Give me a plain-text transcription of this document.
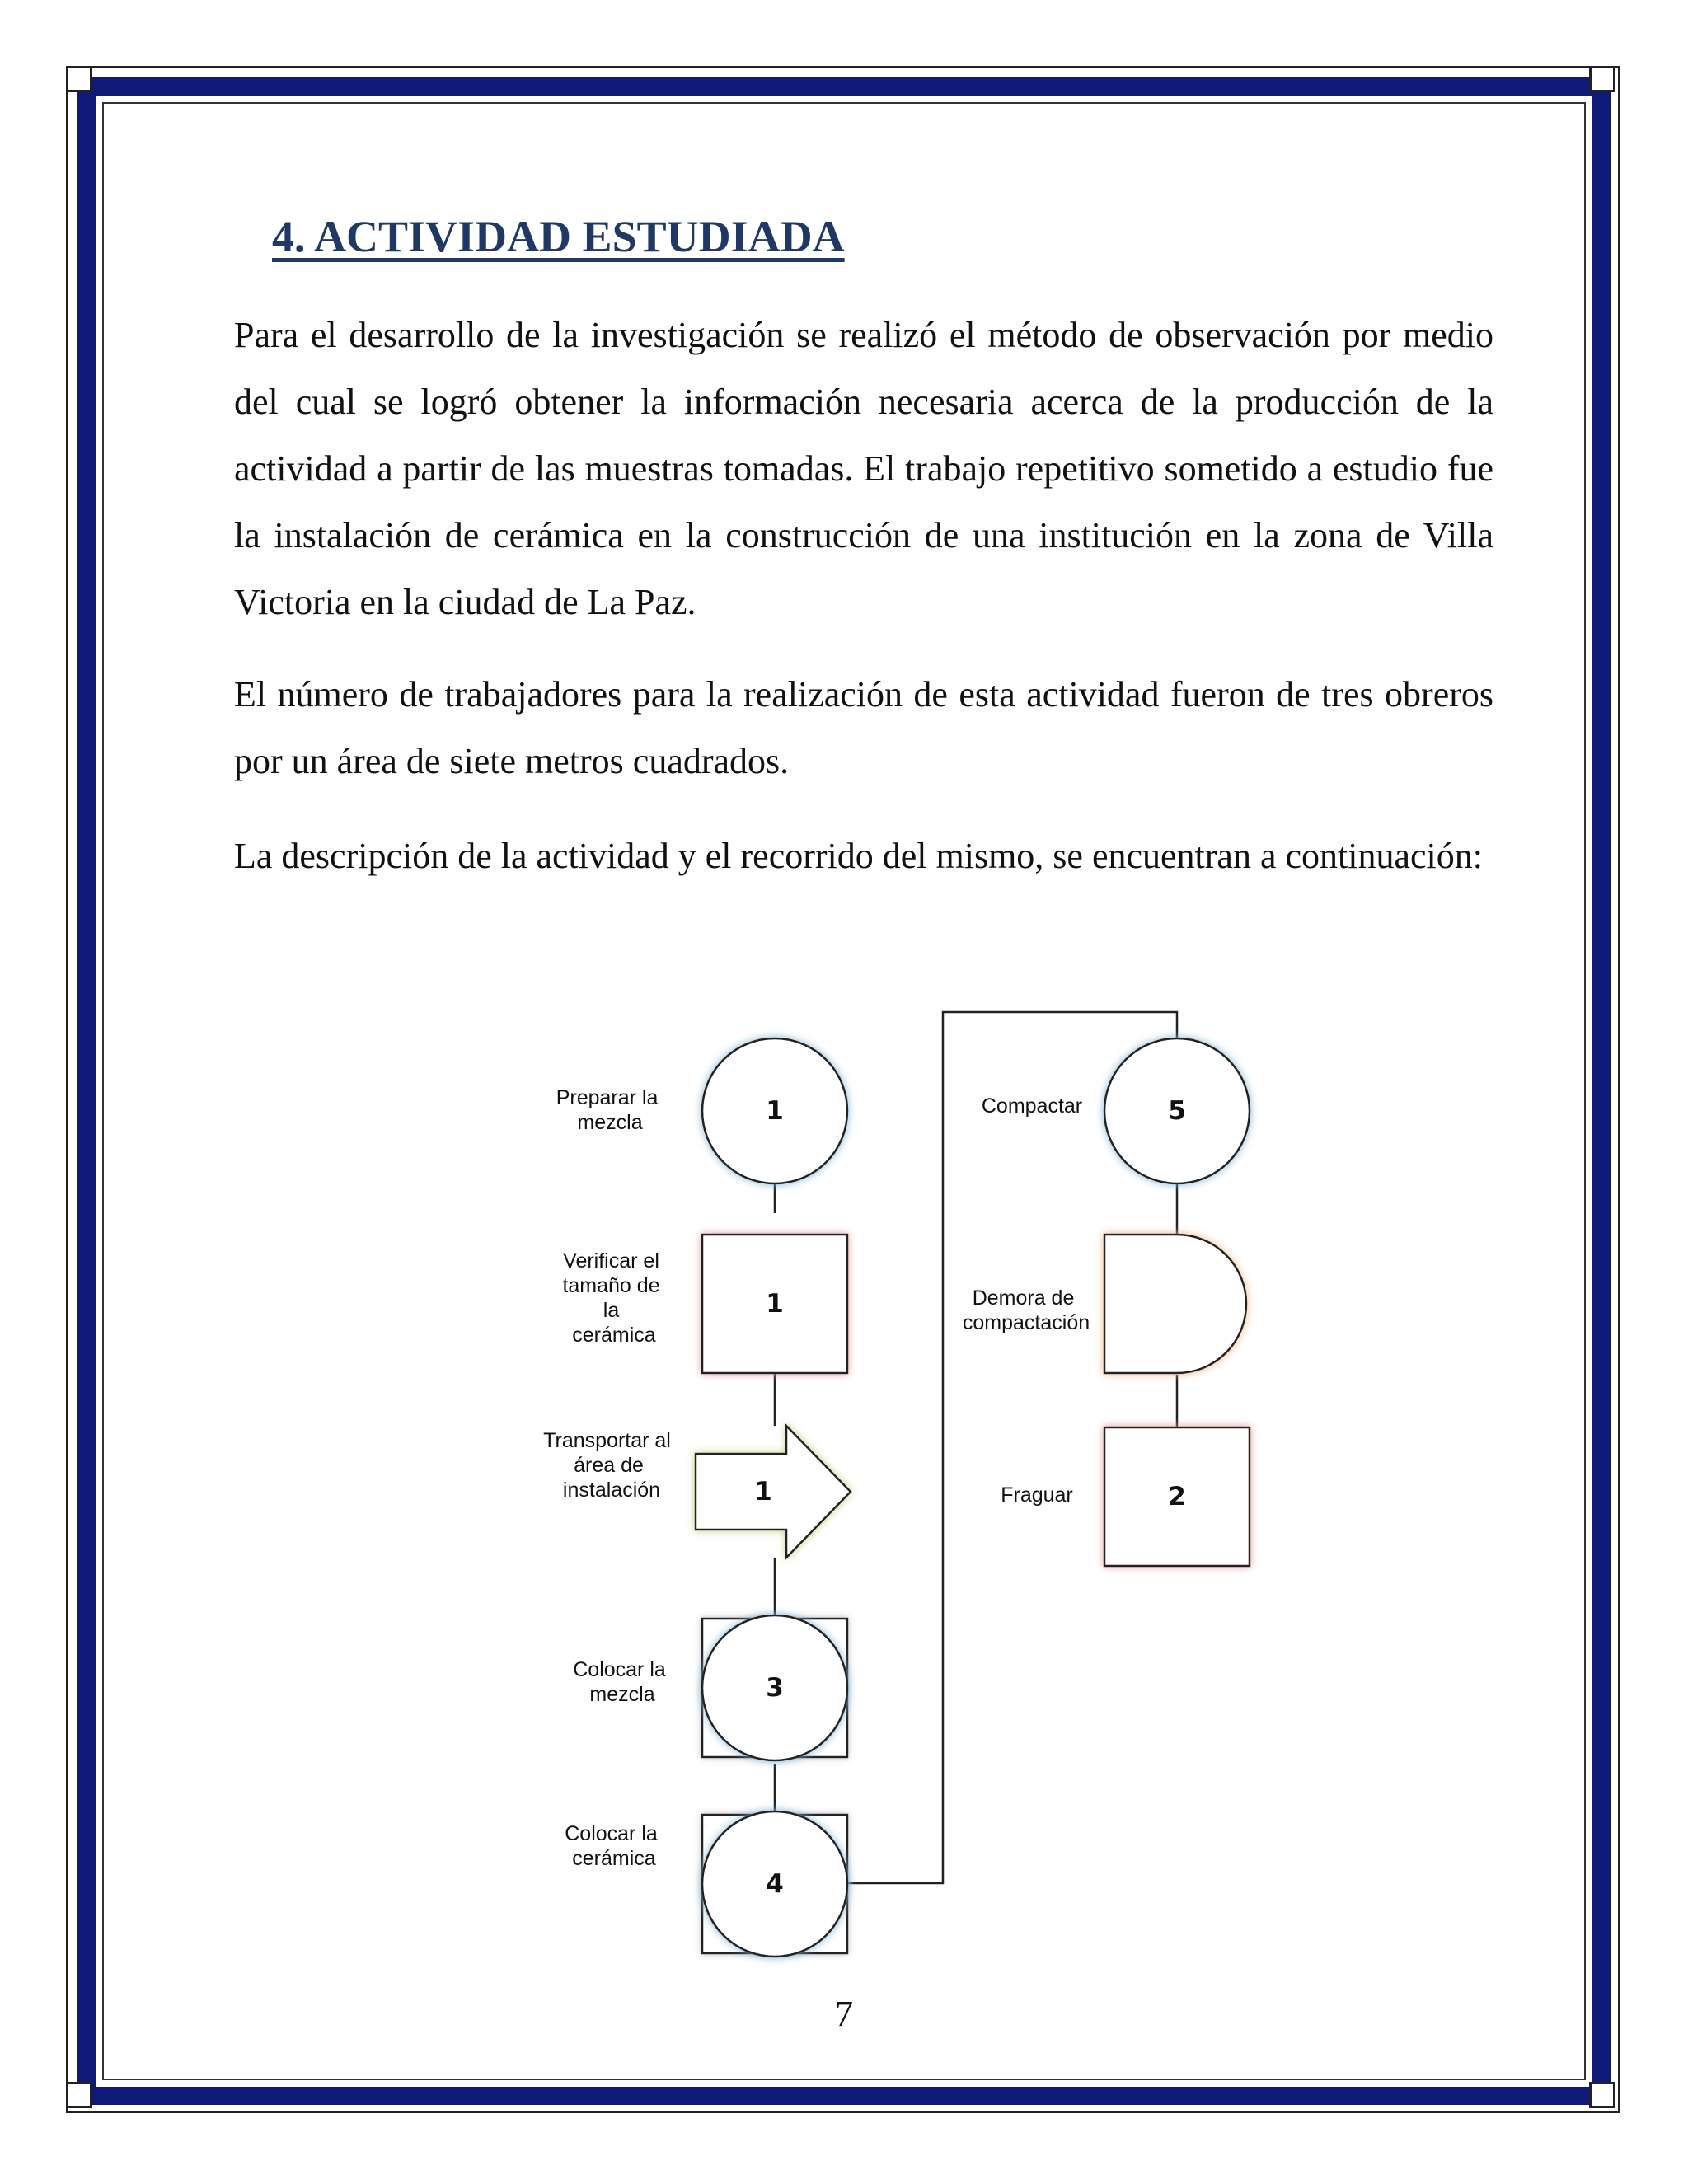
4. ACTIVIDAD ESTUDIADA

Para el desarrollo de la investigación se realizó el método de observación por medio del cual se logró obtener la información necesaria acerca de la producción de la actividad a partir de las muestras tomadas. El trabajo repetitivo sometido a estudio fue la instalación de cerámica en la construcción de una institución en la zona de Villa Victoria en la ciudad de La Paz.

El número de trabajadores para la realización de esta actividad fueron de tres obreros por un área de siete metros cuadrados.

La descripción de la actividad y el recorrido del mismo, se encuentran a continuación:

1
Preparar la mezcla
1
Verificar el tamaño de la cerámica
1
Transportar al área de instalación
3
Colocar la mezcla
4
Colocar la cerámica
5
Compactar
Demora de compactación
2
Fraguar

7
